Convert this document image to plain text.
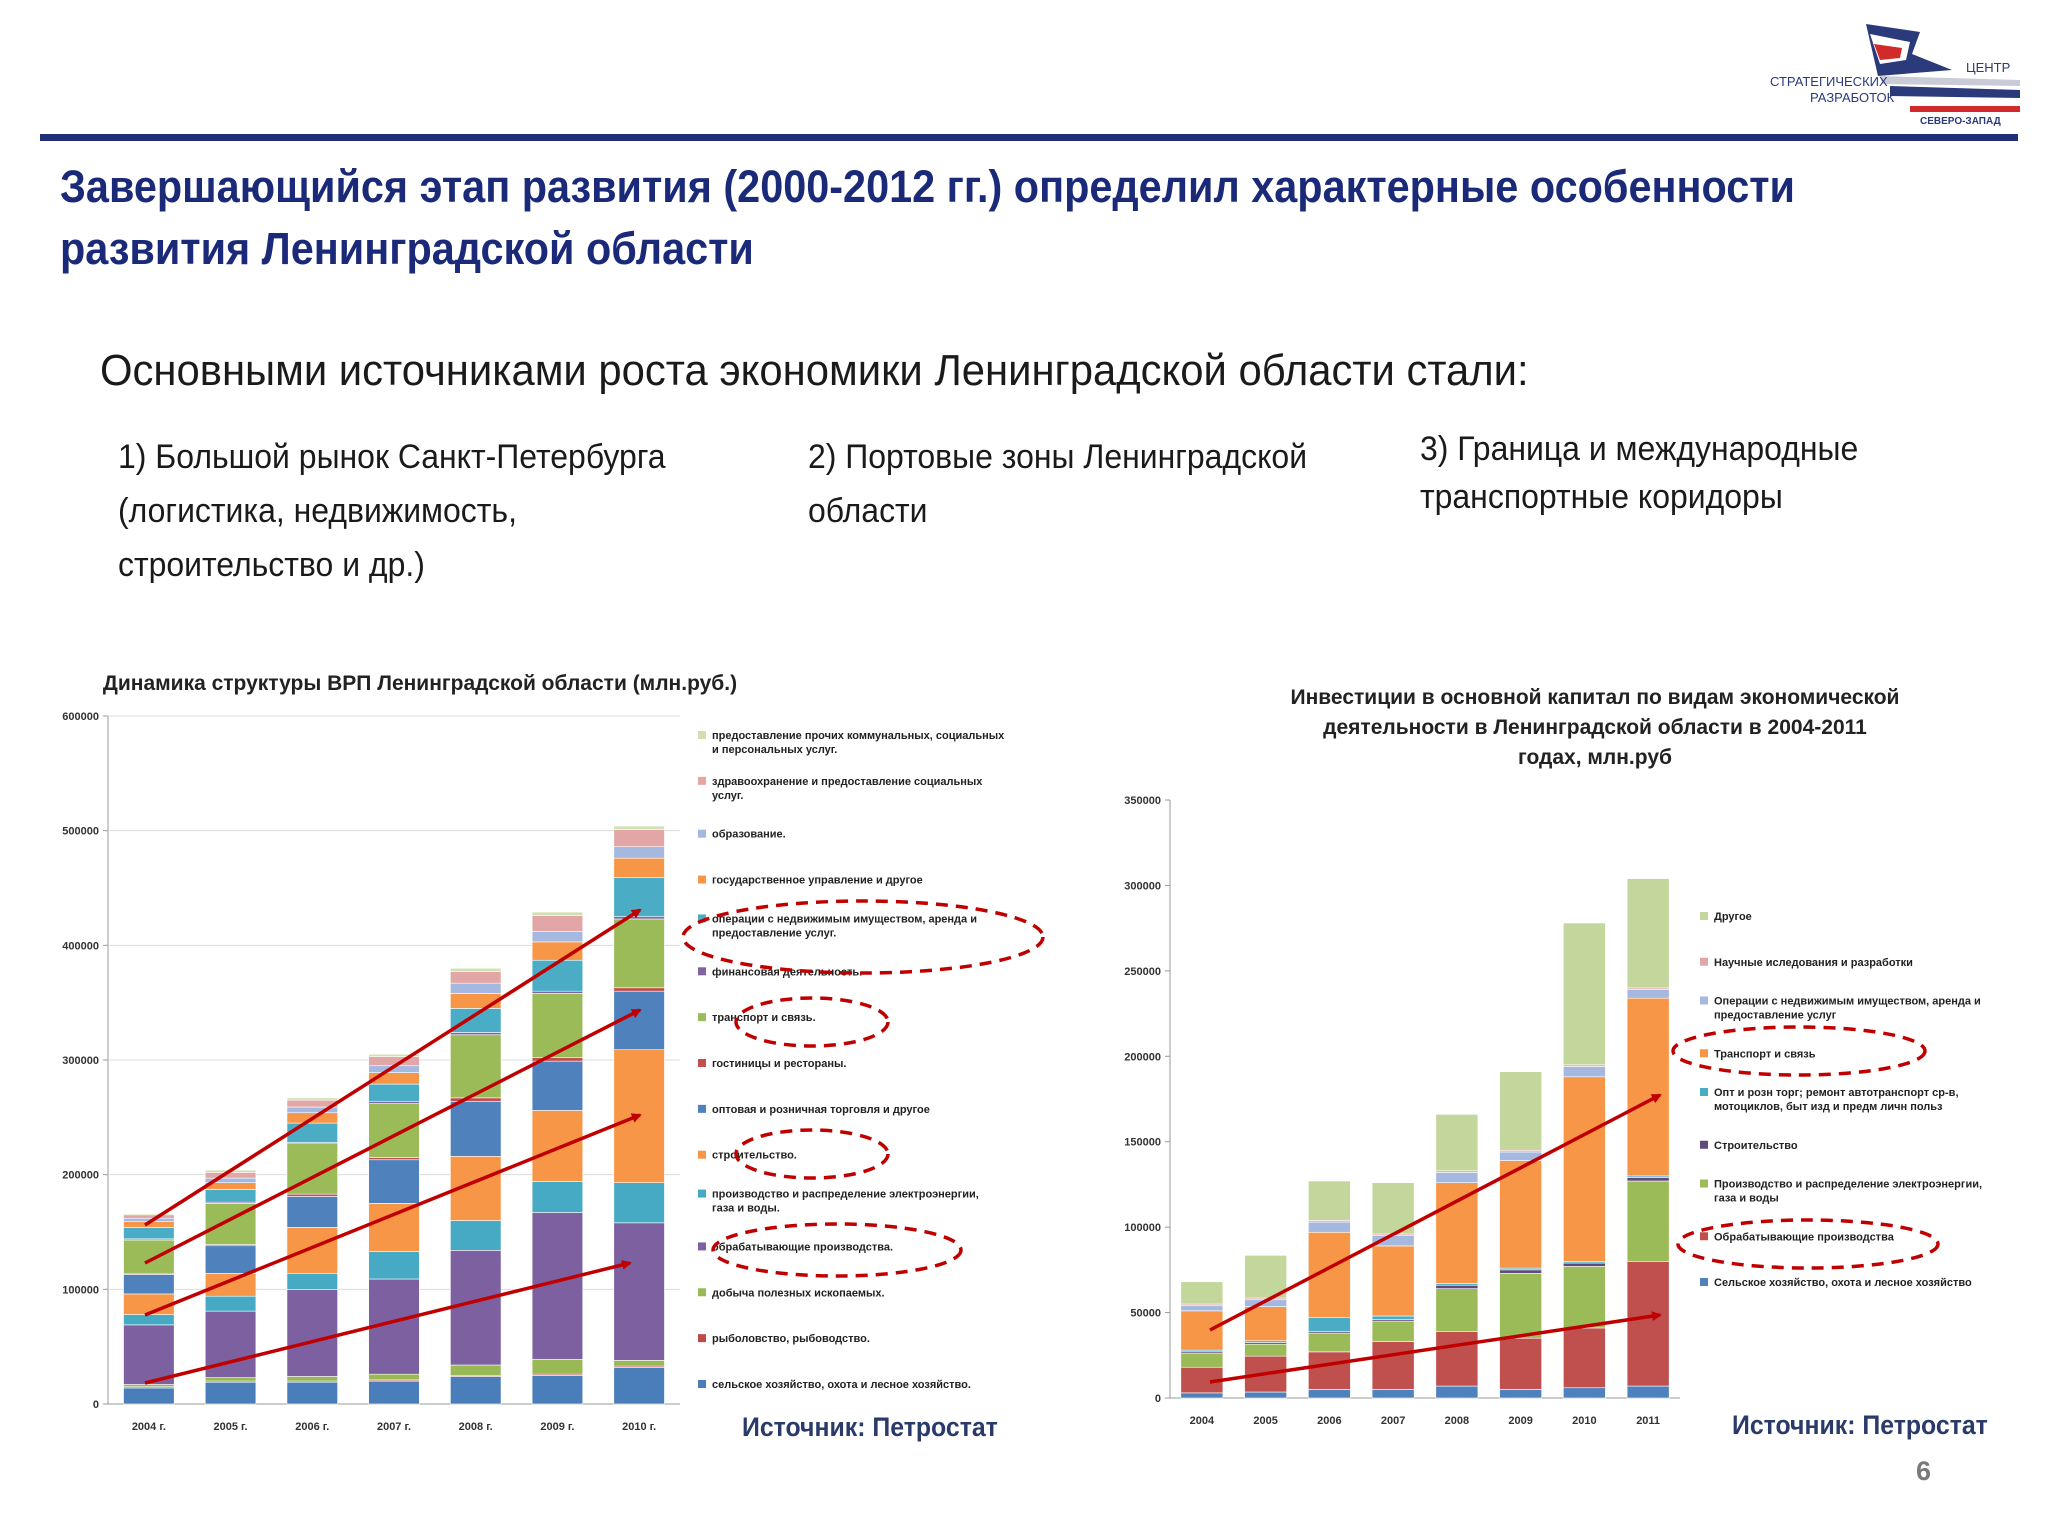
ЦЕНТР
СТРАТЕГИЧЕСКИХ
РАЗРАБОТОК
СЕВЕРО-ЗАПАД
Завершающийся этап развития (2000-2012 гг.) определил характерные особенности
развития Ленинградской области
Основными источниками роста экономики Ленинградской области стали:
1) Большой рынок Санкт-Петербурга (логистика, недвижимость, строительство и др.)
2) Портовые зоны Ленинградской области
3) Граница и международные транспортные коридоры
Динамика структуры ВРП Ленинградской области (млн.руб.)
0
100000
200000
300000
400000
500000
600000
2004 г.	2005 г.	2006 г.	2007 г.	2008 г.	2009 г.	2010 г.
предоставление прочих коммунальных, социальных
и персональных услуг.
здравоохранение и предоставление социальных
услуг.
образование.
государственное управление и другое
операции с недвижимым имуществом, аренда и
предоставление услуг.
финансовая деятельность.
транспорт и связь.
гостиницы и рестораны.
оптовая и розничная торговля и другое
строительство.
производство и распределение электроэнергии,
газа и воды.
обрабатывающие производства.
добыча полезных ископаемых.
рыболовство, рыбоводство.
сельское хозяйство, охота и лесное хозяйство.
Инвестиции в основной капитал по видам экономической
деятельности в Ленинградской области в 2004-2011
годах, млн.руб
0
50000
100000
150000
200000
250000
300000
350000
2004	2005	2006	2007	2008	2009	2010	2011
Другое
Научные иследования и разработки
Операции с недвижимым имуществом, аренда и
предоставление услуг
Транспорт и связь
Опт и розн торг; ремонт автотранспорт ср-в,
мотоциклов, быт изд и предм личн польз
Строительство
Производство и распределение электроэнергии,
газа и воды
Обрабатывающие производства
Сельское хозяйство, охота и лесное хозяйство
Источник: Петростат	Источник: Петростат
6
